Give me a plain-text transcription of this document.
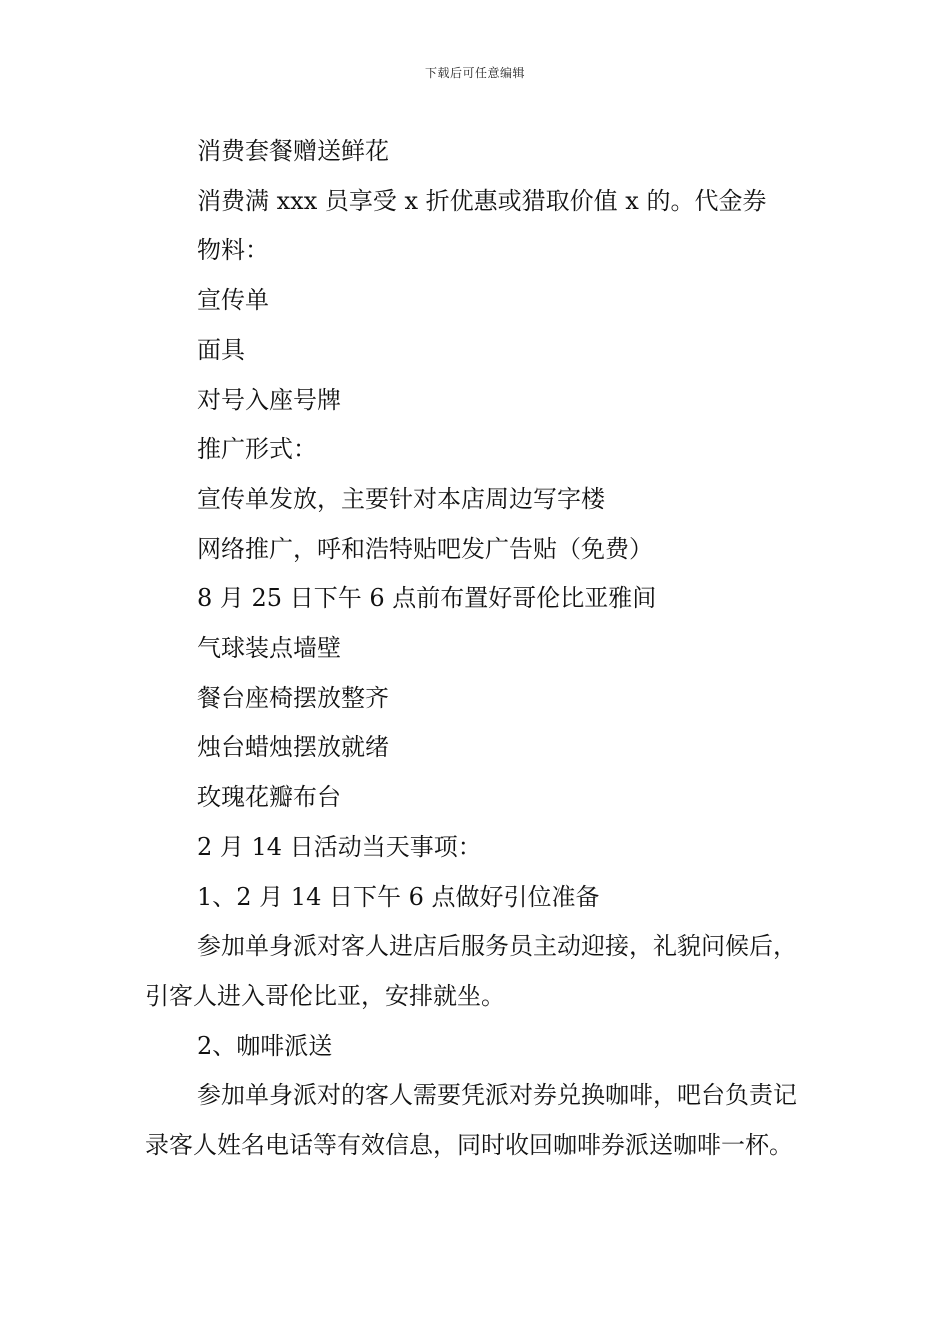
下载后可任意编辑

消费套餐赠送鲜花

消费满 xxx 员享受 x 折优惠或猎取价值 x 的。代金券

物料：

宣传单

面具

对号入座号牌

推广形式：

宣传单发放，主要针对本店周边写字楼

网络推广，呼和浩特贴吧发广告贴（免费）

8 月 25 日下午 6 点前布置好哥伦比亚雅间

气球装点墙壁

餐台座椅摆放整齐

烛台蜡烛摆放就绪

玫瑰花瓣布台

2 月 14 日活动当天事项：

1、2 月 14 日下午 6 点做好引位准备

参加单身派对客人进店后服务员主动迎接，礼貌问候后，引客人进入哥伦比亚，安排就坐。

2、咖啡派送

参加单身派对的客人需要凭派对券兑换咖啡，吧台负责记录客人姓名电话等有效信息，同时收回咖啡券派送咖啡一杯。
